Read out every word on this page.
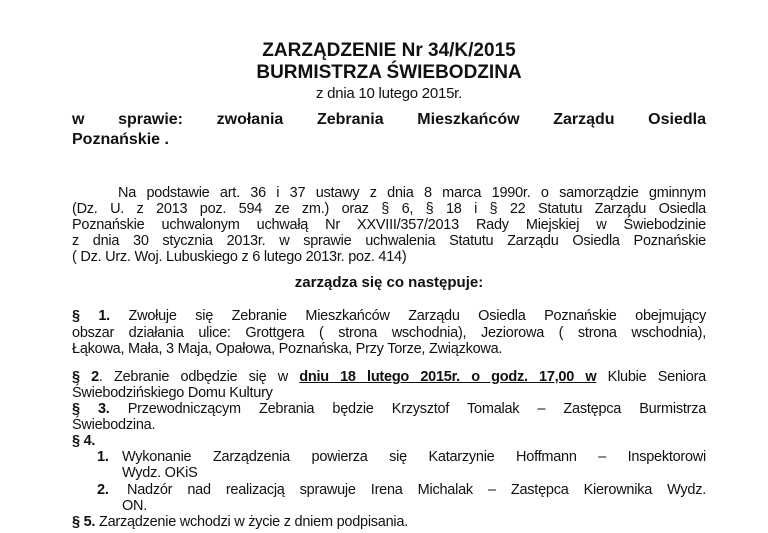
ZARZĄDZENIE Nr 34/K/2015
BURMISTRZA ŚWIEBODZINA
z dnia 10 lutego 2015r.
w sprawie: zwołania Zebrania Mieszkańców Zarządu Osiedla
Poznańskie .
Na podstawie art. 36 i 37 ustawy z dnia 8 marca 1990r. o samorządzie gminnym
(Dz. U. z 2013 poz. 594 ze zm.) oraz § 6, § 18 i § 22 Statutu Zarządu Osiedla
Poznańskie uchwalonym uchwałą Nr XXVIII/357/2013 Rady Miejskiej w Świebodzinie
z dnia 30 stycznia 2013r. w sprawie uchwalenia Statutu Zarządu Osiedla Poznańskie
( Dz. Urz. Woj. Lubuskiego z 6 lutego 2013r. poz. 414)
zarządza się co następuje:
§ 1. Zwołuje się Zebranie Mieszkańców Zarządu Osiedla Poznańskie obejmujący
obszar działania ulice: Grottgera ( strona wschodnia), Jeziorowa ( strona wschodnia),
Łąkowa, Mała, 3 Maja, Opałowa, Poznańska, Przy Torze, Związkowa.
§ 2. Zebranie odbędzie się w dniu 18 lutego 2015r. o godz. 17,00 w Klubie Seniora
Świebodzińskiego Domu Kultury
§ 3. Przewodniczącym Zebrania będzie Krzysztof Tomalak – Zastępca Burmistrza
Świebodzina.
§ 4.
1. Wykonanie Zarządzenia powierza się Katarzynie Hoffmann – Inspektorowi
Wydz. OKiS
2.	Nadzór nad realizacją sprawuje Irena Michalak – Zastępca Kierownika Wydz.
ON.
§ 5. Zarządzenie wchodzi w życie z dniem podpisania.
